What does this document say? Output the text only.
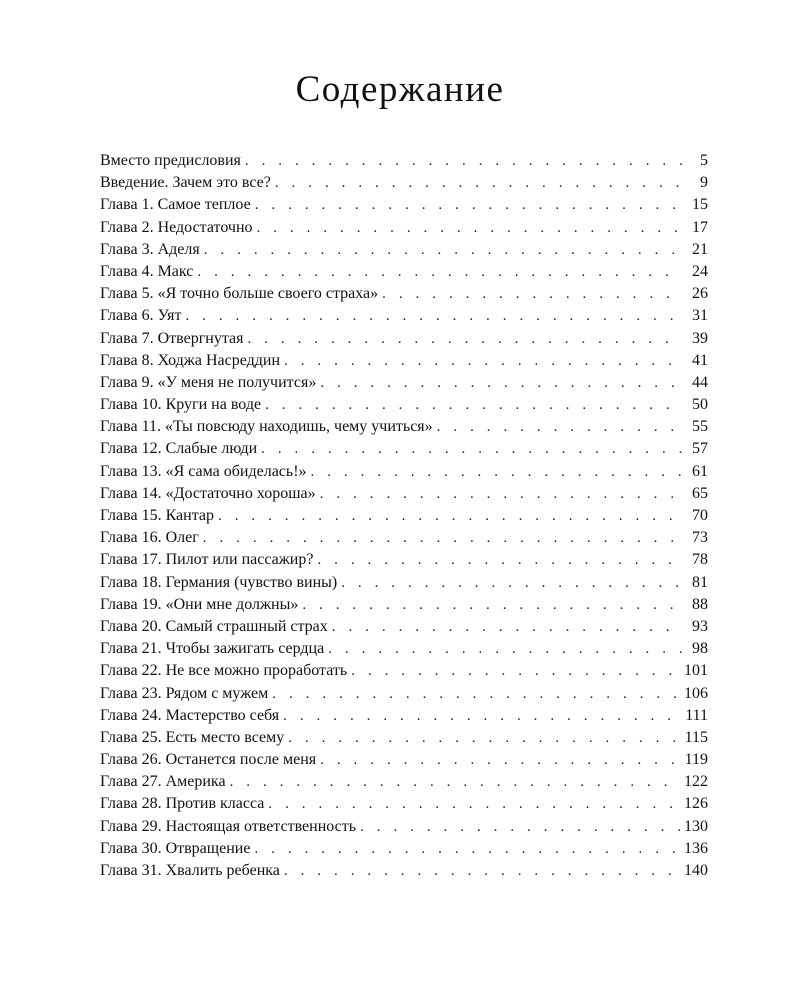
Содержание
Вместо предисловия . . .	5
Введение. Зачем это все? . . .	9
Глава 1. Самое теплое . . .	15
Глава 2. Недостаточно . . .	17
Глава 3. Аделя . . .	21
Глава 4. Макс . . .	24
Глава 5. «Я точно больше своего страха» . . .	26
Глава 6. Уят . . .	31
Глава 7. Отвергнутая . . .	39
Глава 8. Ходжа Насреддин . . .	41
Глава 9. «У меня не получится» . . .	44
Глава 10. Круги на воде . . .	50
Глава 11. «Ты повсюду находишь, чему учиться» . . .	55
Глава 12. Слабые люди . . .	57
Глава 13. «Я сама обиделась!» . . .	61
Глава 14. «Достаточно хороша» . . .	65
Глава 15. Кантар . . .	70
Глава 16. Олег . . .	73
Глава 17. Пилот или пассажир? . . .	78
Глава 18. Германия (чувство вины) . . .	81
Глава 19. «Они мне должны» . . .	88
Глава 20. Самый страшный страх . . .	93
Глава 21. Чтобы зажигать сердца . . .	98
Глава 22. Не все можно проработать . . .	101
Глава 23. Рядом с мужем . . .	106
Глава 24. Мастерство себя . . .	111
Глава 25. Есть место всему . . .	115
Глава 26. Останется после меня . . .	119
Глава 27. Америка . . .	122
Глава 28. Против класса . . .	126
Глава 29. Настоящая ответственность . . .	130
Глава 30. Отвращение . . .	136
Глава 31. Хвалить ребенка . . .	140
